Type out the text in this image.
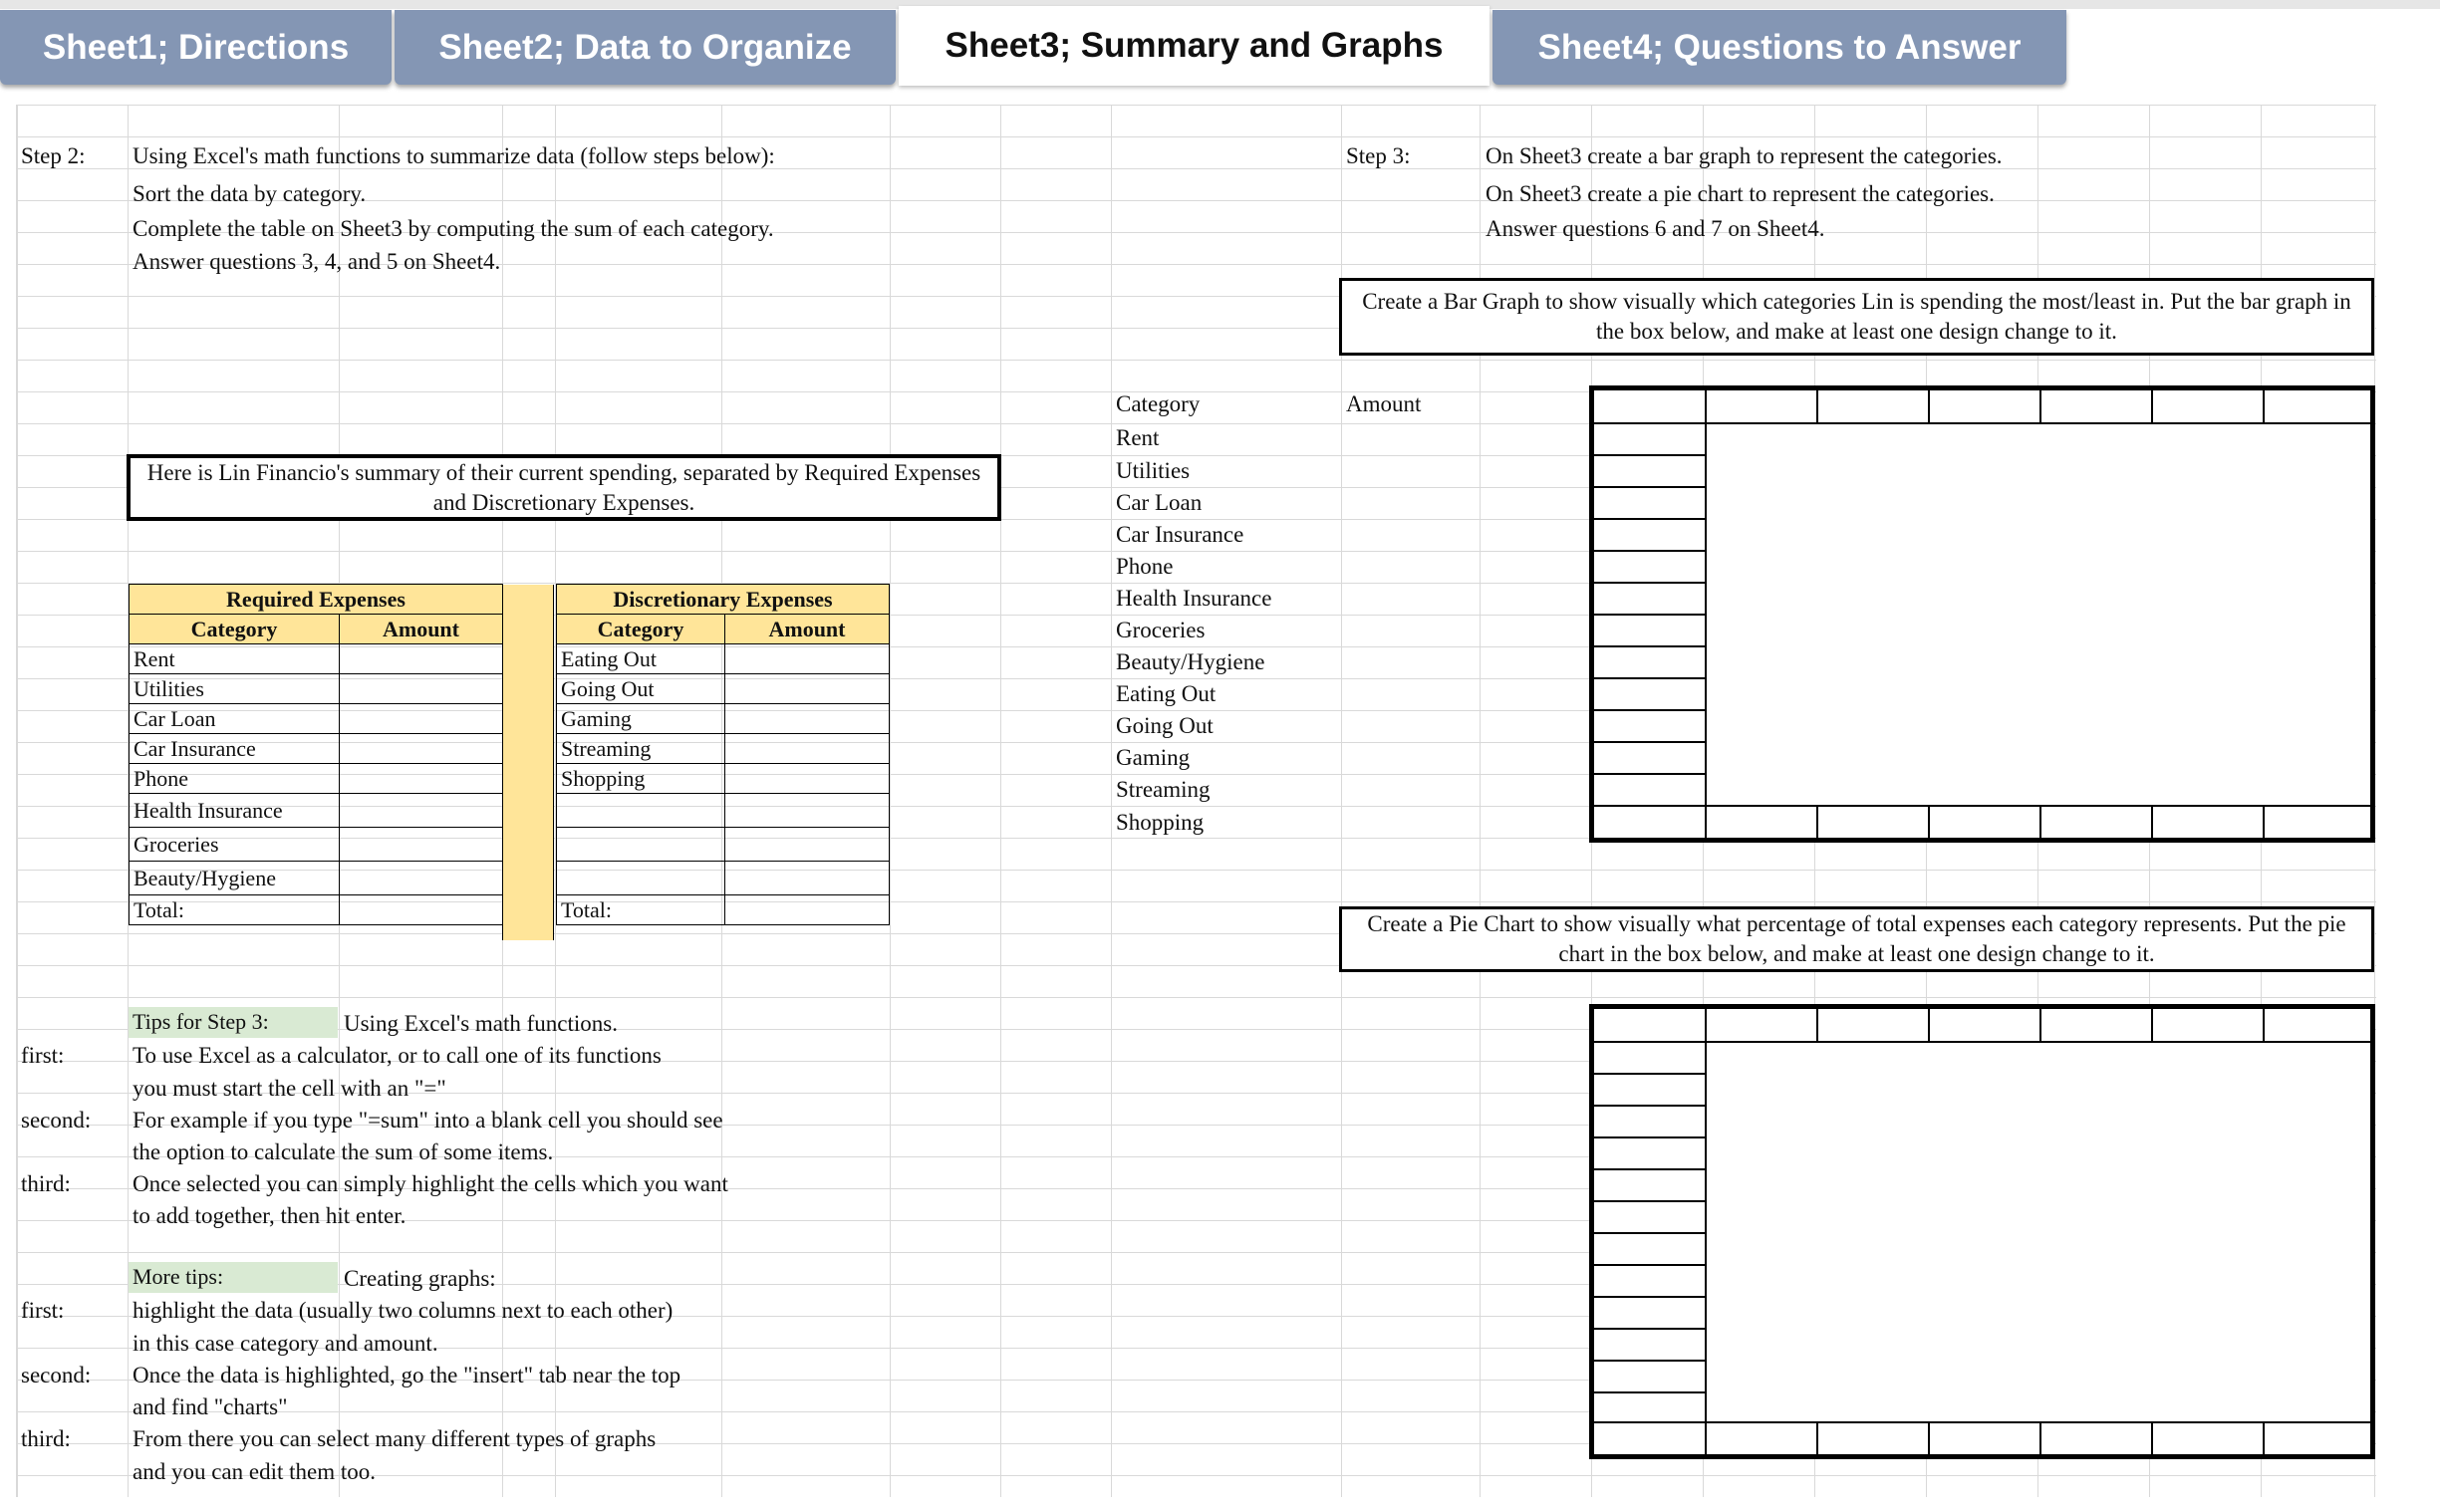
Sheet1; Directions	Sheet2; Data to Organize	Sheet3; Summary and Graphs	Sheet4; Questions to Answer
Step 2: Using Excel's math functions to summarize data (follow steps below):
Sort the data by category.
Complete the table on Sheet3 by computing the sum of each category.
Answer questions 3, 4, and 5 on Sheet4.
Step 3:	On Sheet3 create a bar graph to represent the categories.
On Sheet3 create a pie chart to represent the categories.
Answer questions 6 and 7 on Sheet4.
Here is Lin Financio's summary of their current spending, separated by Required Expenses and Discretionary Expenses.
Required Expenses	
Category	Amount
Rent	
Utilities	
Car Loan	
Car Insurance	
Phone	
Health Insurance	
Groceries	
Beauty/Hygiene	
Total:	
Discretionary Expenses	
Category	Amount
Eating Out	
Going Out	
Gaming	
Streaming	
Shopping	

Total:	
Category	Amount
Rent
Utilities
Car Loan
Car Insurance
Phone
Health Insurance
Groceries
Beauty/Hygiene
Eating Out
Going Out
Gaming
Streaming
Shopping
Create a Bar Graph to show visually which categories Lin is spending the most/least in. Put the bar graph in the box below, and make at least one design change to it.
Create a Pie Chart to show visually what percentage of total expenses each category represents. Put the pie chart in the box below, and make at least one design change to it.
Tips for Step 3:	Using Excel's math functions.
first:	To use Excel as a calculator, or to call one of its functions
you must start the cell with an "="
second: For example if you type "=sum" into a blank cell you should see
the option to calculate the sum of some items.
third:	Once selected you can simply highlight the cells which you want
to add together, then hit enter.
More tips:	Creating graphs:
first:	highlight the data (usually two columns next to each other)
in this case category and amount.
second: Once the data is highlighted, go the "insert" tab near the top
and find "charts"
third:	From there you can select many different types of graphs
and you can edit them too.
